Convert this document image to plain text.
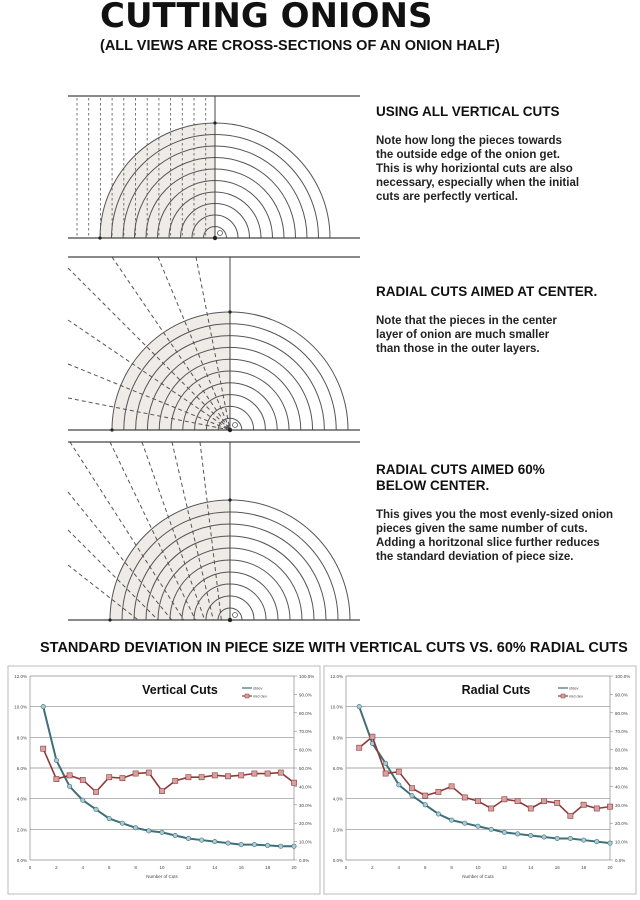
CUTTING ONIONS
(ALL VIEWS ARE CROSS-SECTIONS OF AN ONION HALF)
USING ALL VERTICAL CUTS
Note how long the pieces towards
the outside edge of the onion get.
This is why horiziontal cuts are also
necessary, especially when the initial
cuts are perfectly vertical.
RADIAL CUTS AIMED AT CENTER.
Note that the pieces in the center
layer of onion are much smaller
than those in the outer layers.
RADIAL CUTS AIMED 60%
BELOW CENTER.
This gives you the most evenly-sized onion
pieces given the same number of cuts.
Adding a horitzonal slice further reduces
the standard deviation of piece size.
STANDARD DEVIATION IN PIECE SIZE WITH VERTICAL CUTS VS. 60% RADIAL CUTS
0.0%
2.0%
4.0%
6.0%
8.0%
10.0%
12.0%
0.0%
10.0%
20.0%
30.0%
40.0%
50.0%
60.0%
70.0%
80.0%
90.0%
100.0%
0	2	4	6	8	10	12	14	16	18	20
Number of Cuts
Vertical Cuts	stdev
mid dev
0.0%
2.0%
4.0%
6.0%
8.0%
10.0%
12.0%
0.0%
10.0%
20.0%
30.0%
40.0%
50.0%
60.0%
70.0%
80.0%
90.0%
100.0%
0	2	4	6	8	10	12	14	16	18	20
Number of Cuts
Radial Cuts	stdev
mid dev
